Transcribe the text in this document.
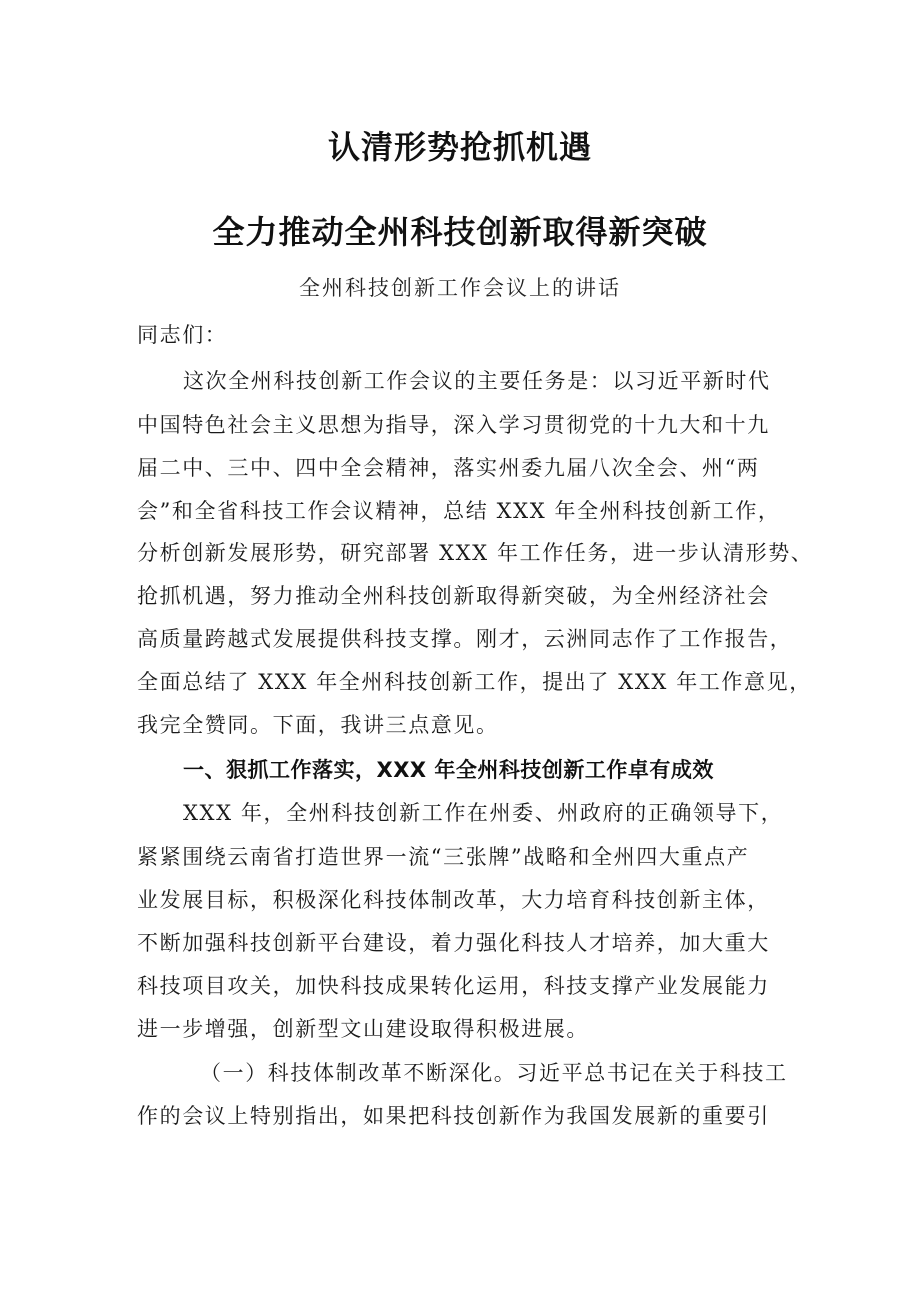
认清形势抢抓机遇
全力推动全州科技创新取得新突破
全州科技创新工作会议上的讲话
同志们：
这次全州科技创新工作会议的主要任务是：以习近平新时代
中国特色社会主义思想为指导，深入学习贯彻党的十九大和十九
届二中、三中、四中全会精神，落实州委九届八次全会、州“两
会”和全省科技工作会议精神，总结 XXX 年全州科技创新工作，
分析创新发展形势，研究部署 XXX 年工作任务，进一步认清形势、
抢抓机遇，努力推动全州科技创新取得新突破，为全州经济社会
高质量跨越式发展提供科技支撑。刚才，云洲同志作了工作报告，
全面总结了 XXX 年全州科技创新工作，提出了 XXX 年工作意见，
我完全赞同。下面，我讲三点意见。
一、狠抓工作落实，XXX 年全州科技创新工作卓有成效
XXX 年，全州科技创新工作在州委、州政府的正确领导下，
紧紧围绕云南省打造世界一流“三张牌”战略和全州四大重点产
业发展目标，积极深化科技体制改革，大力培育科技创新主体，
不断加强科技创新平台建设，着力强化科技人才培养，加大重大
科技项目攻关，加快科技成果转化运用，科技支撑产业发展能力
进一步增强，创新型文山建设取得积极进展。
（一）科技体制改革不断深化。习近平总书记在关于科技工
作的会议上特别指出，如果把科技创新作为我国发展新的重要引
